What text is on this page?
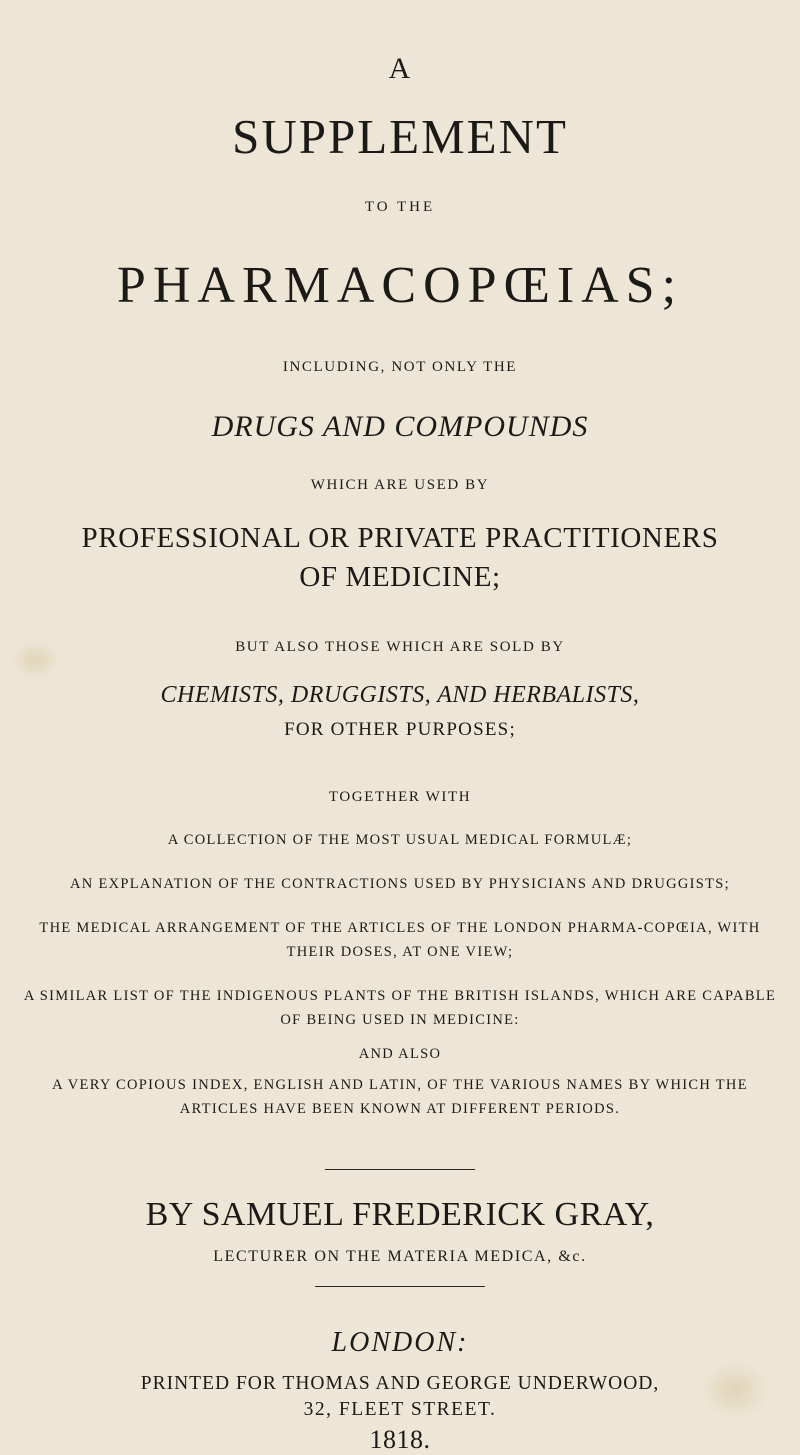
A
SUPPLEMENT
TO THE
PHARMACOPŒIAS;
INCLUDING, NOT ONLY THE
DRUGS AND COMPOUNDS
WHICH ARE USED BY
PROFESSIONAL OR PRIVATE PRACTITIONERS
OF MEDICINE;
BUT ALSO THOSE WHICH ARE SOLD BY
CHEMISTS, DRUGGISTS, AND HERBALISTS,
FOR OTHER PURPOSES;
TOGETHER WITH
A COLLECTION OF THE MOST USUAL MEDICAL FORMULÆ;
AN EXPLANATION OF THE CONTRACTIONS USED BY PHYSICIANS AND DRUGGISTS;
THE MEDICAL ARRANGEMENT OF THE ARTICLES OF THE LONDON PHARMA-COPŒIA, WITH THEIR DOSES, AT ONE VIEW;
A SIMILAR LIST OF THE INDIGENOUS PLANTS OF THE BRITISH ISLANDS, WHICH ARE CAPABLE OF BEING USED IN MEDICINE:
AND ALSO
A VERY COPIOUS INDEX, ENGLISH AND LATIN, OF THE VARIOUS NAMES BY WHICH THE ARTICLES HAVE BEEN KNOWN AT DIFFERENT PERIODS.
BY SAMUEL FREDERICK GRAY,
LECTURER ON THE MATERIA MEDICA, &c.
LONDON:
PRINTED FOR THOMAS AND GEORGE UNDERWOOD,
32, FLEET STREET.
1818.
